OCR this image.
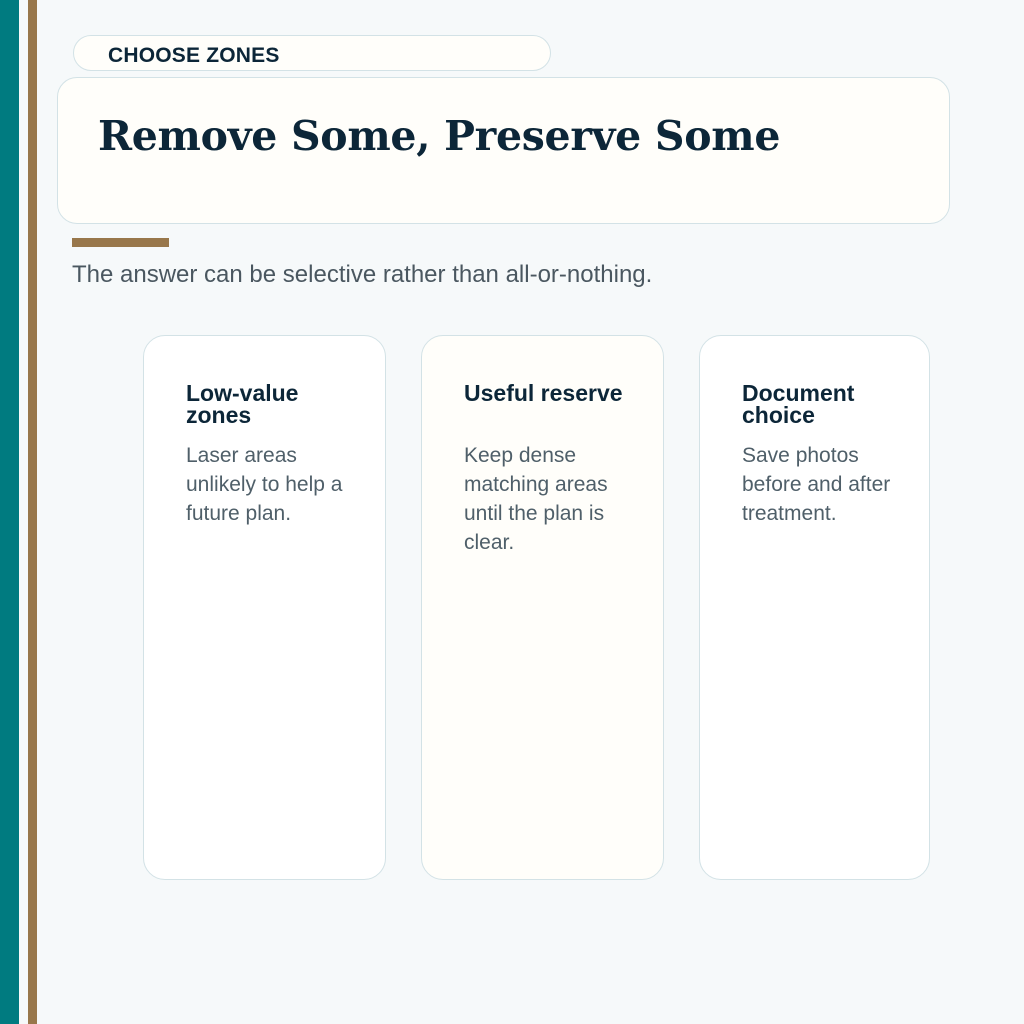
CHOOSE ZONES
Remove Some, Preserve Some
The answer can be selective rather than all-or-nothing.
Low-value zones
Laser areas unlikely to help a future plan.
Useful reserve
Keep dense matching areas until the plan is clear.
Document choice
Save photos before and after treatment.
